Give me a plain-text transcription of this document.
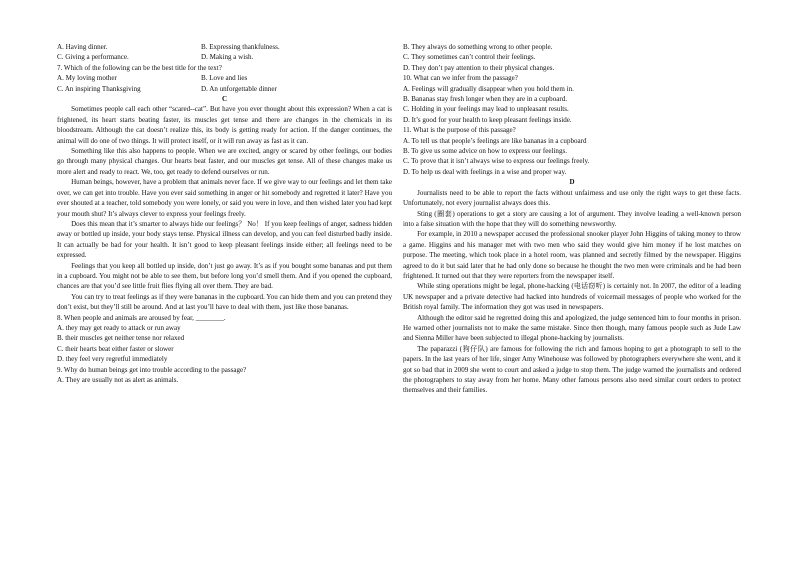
A. Having dinner.	B. Expressing thankfulness.
C. Giving a performance.	D. Making a wish.
7. Which of the following can be the best title for the text?
A. My loving mother	B. Love and lies
C. An inspiring Thanksgiving	D. An unforgettable dinner
C
Sometimes people call each other “scared--cat”. But have you ever thought about this expression? When a cat is frightened, its heart starts beating faster, its muscles get tense and there are changes in the chemicals in its bloodstream. Although the cat doesn’t realize this, its body is getting ready for action. If the danger continues, the animal will do one of two things. It will protect itself, or it will run away as fast as it can.
Something like this also happens to people. When we are excited, angry or scared by other feelings, our bodies go through many physical changes. Our hearts beat faster, and our muscles get tense. All of these changes make us more alert and ready to react. We, too, get ready to defend ourselves or run.
Human beings, however, have a problem that animals never face. If we give way to our feelings and let them take over, we can get into trouble. Have you ever said something in anger or hit somebody and regretted it later? Have you ever shouted at a teacher, told somebody you were lonely, or said you were in love, and then wished later you had kept your mouth shut? It’s always clever to express your feelings freely.
Does this mean that it’s smarter to always hide our feelings？ No！ If you keep feelings of anger, sadness hidden away or bottled up inside, your body stays tense. Physical illness can develop, and you can feel disturbed badly inside. It can actually be bad for your health. It isn’t good to keep pleasant feelings inside either; all feelings need to be expressed.
Feelings that you keep all bottled up inside, don’t just go away. It’s as if you bought some bananas and put them in a cupboard. You might not be able to see them, but before long you’d smell them. And if you opened the cupboard, chances are that you’d see little fruit flies flying all over them. They are bad.
You can try to treat feelings as if they were bananas in the cupboard. You can hide them and you can pretend they don’t exist, but they’ll still be around. And at last you’ll have to deal with them, just like those bananas.
8. When people and animals are aroused by fear, ________.
A. they may get ready to attack or run away
B. their muscles get neither tense nor relaxed
C. their hearts beat either faster or slower
D. they feel very regretful immediately
9. Why do human beings get into trouble according to the passage?
A. They are usually not as alert as animals.
B. They always do something wrong to other people.
C. They sometimes can’t control their feelings.
D. They don’t pay attention to their physical changes.
10. What can we infer from the passage?
A. Feelings will gradually disappear when you hold them in.
B. Bananas stay fresh longer when they are in a cupboard.
C. Holding in your feelings may lead to unpleasant results.
D. It’s good for your health to keep pleasant feelings inside.
11. What is the purpose of this passage?
A. To tell us that people’s feelings are like bananas in a cupboard
B. To give us some advice on how to express our feelings.
C. To prove that it isn’t always wise to express our feelings freely.
D. To help us deal with feelings in a wise and proper way.
D
Journalists need to be able to report the facts without unfairness and use only the right ways to get these facts. Unfortunately, not every journalist always does this.
Sting (圈套) operations to get a story are causing a lot of argument. They involve leading a well-known person into a false situation with the hope that they will do something newsworthy.
For example, in 2010 a newspaper accused the professional snooker player John Higgins of taking money to throw a game. Higgins and his manager met with two men who said they would give him money if he lost matches on purpose. The meeting, which took place in a hotel room, was planned and secretly filmed by the newspaper. Higgins agreed to do it but said later that he had only done so because he thought the two men were criminals and he had been frightened. It turned out that they were reporters from the newspaper itself.
While sting operations might be legal, phone-hacking (电话窃听) is certainly not. In 2007, the editor of a leading UK newspaper and a private detective had hacked into hundreds of voicemail messages of people who worked for the British royal family. The information they got was used in newspapers.
Although the editor said he regretted doing this and apologized, the judge sentenced him to four months in prison. He warned other journalists not to make the same mistake. Since then though, many famous people such as Jude Law and Sienna Miller have been subjected to illegal phone-hacking by journalists.
The paparazzi (狗仔队) are famous for following the rich and famous hoping to get a photograph to sell to the papers. In the last years of her life, singer Amy Winehouse was followed by photographers everywhere she went, and it got so bad that in 2009 she went to court and asked a judge to stop them. The judge warned the journalists and ordered the photographers to stay away from her home. Many other famous persons also need similar court orders to protect themselves and their families.
